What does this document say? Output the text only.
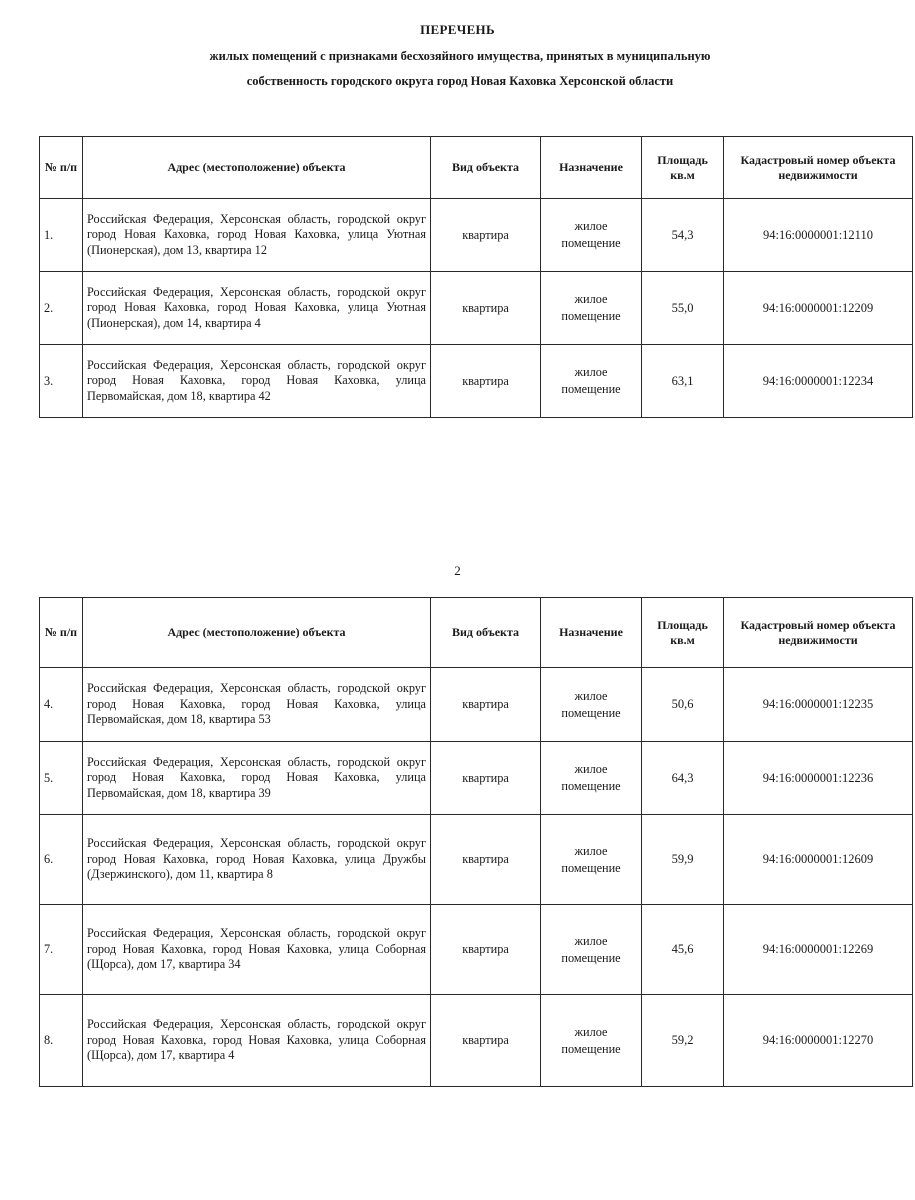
ПЕРЕЧЕНЬ
жилых помещений с признаками бесхозяйного имущества, принятых в муниципальную
собственность городского округа город Новая Каховка Херсонской области
№ п/п	Адрес (местоположение) объекта	Вид объекта	Назначение	Площадь кв.м	Кадастровый номер объекта недвижимости
1.	Российская Федерация, Херсонская область, городской округ город Новая Каховка, город Новая Каховка, улица Уютная (Пионерская), дом 13, квартира 12	квартира	жилое помещение	54,3	94:16:0000001:12110
2.	Российская Федерация, Херсонская область, городской округ город Новая Каховка, город Новая Каховка, улица Уютная (Пионерская), дом 14, квартира 4	квартира	жилое помещение	55,0	94:16:0000001:12209
3.	Российская Федерация, Херсонская область, городской округ город Новая Каховка, город Новая Каховка, улица Первомайская, дом 18, квартира 42	квартира	жилое помещение	63,1	94:16:0000001:12234
2
№ п/п	Адрес (местоположение) объекта	Вид объекта	Назначение	Площадь кв.м	Кадастровый номер объекта недвижимости
4.	Российская Федерация, Херсонская область, городской округ город Новая Каховка, город Новая Каховка, улица Первомайская, дом 18, квартира 53	квартира	жилое помещение	50,6	94:16:0000001:12235
5.	Российская Федерация, Херсонская область, городской округ город Новая Каховка, город Новая Каховка, улица Первомайская, дом 18, квартира 39	квартира	жилое помещение	64,3	94:16:0000001:12236
6.	Российская Федерация, Херсонская область, городской округ город Новая Каховка, город Новая Каховка, улица Дружбы (Дзержинского), дом 11, квартира 8	квартира	жилое помещение	59,9	94:16:0000001:12609
7.	Российская Федерация, Херсонская область, городской округ город Новая Каховка, город Новая Каховка, улица Соборная (Щорса), дом 17, квартира 34	квартира	жилое помещение	45,6	94:16:0000001:12269
8.	Российская Федерация, Херсонская область, городской округ город Новая Каховка, город Новая Каховка, улица Соборная (Щорса), дом 17, квартира 4	квартира	жилое помещение	59,2	94:16:0000001:12270
